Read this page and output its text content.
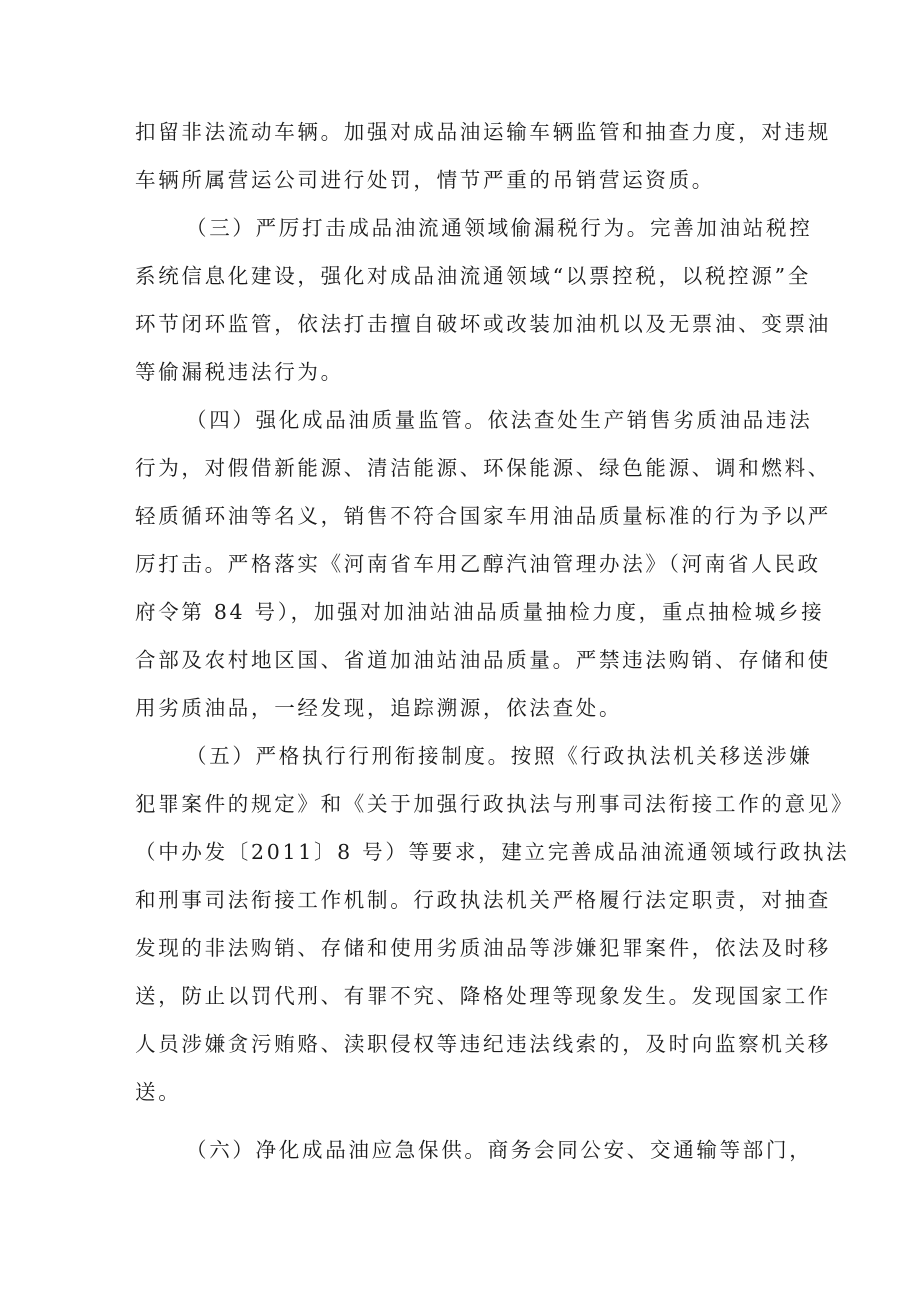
扣留非法流动车辆。加强对成品油运输车辆监管和抽查力度，对违规
车辆所属营运公司进行处罚，情节严重的吊销营运资质。
（三）严厉打击成品油流通领域偷漏税行为。完善加油站税控
系统信息化建设，强化对成品油流通领域“以票控税，以税控源”全
环节闭环监管，依法打击擅自破坏或改装加油机以及无票油、变票油
等偷漏税违法行为。
（四）强化成品油质量监管。依法查处生产销售劣质油品违法
行为，对假借新能源、清洁能源、环保能源、绿色能源、调和燃料、
轻质循环油等名义，销售不符合国家车用油品质量标准的行为予以严
厉打击。严格落实《河南省车用乙醇汽油管理办法》（河南省人民政
府令第 84 号），加强对加油站油品质量抽检力度，重点抽检城乡接
合部及农村地区国、省道加油站油品质量。严禁违法购销、存储和使
用劣质油品，一经发现，追踪溯源，依法查处。
（五）严格执行行刑衔接制度。按照《行政执法机关移送涉嫌
犯罪案件的规定》和《关于加强行政执法与刑事司法衔接工作的意见》
（中办发〔2011〕8 号）等要求，建立完善成品油流通领域行政执法
和刑事司法衔接工作机制。行政执法机关严格履行法定职责，对抽查
发现的非法购销、存储和使用劣质油品等涉嫌犯罪案件，依法及时移
送，防止以罚代刑、有罪不究、降格处理等现象发生。发现国家工作
人员涉嫌贪污贿赂、渎职侵权等违纪违法线索的，及时向监察机关移
送。
（六）净化成品油应急保供。商务会同公安、交通输等部门，
